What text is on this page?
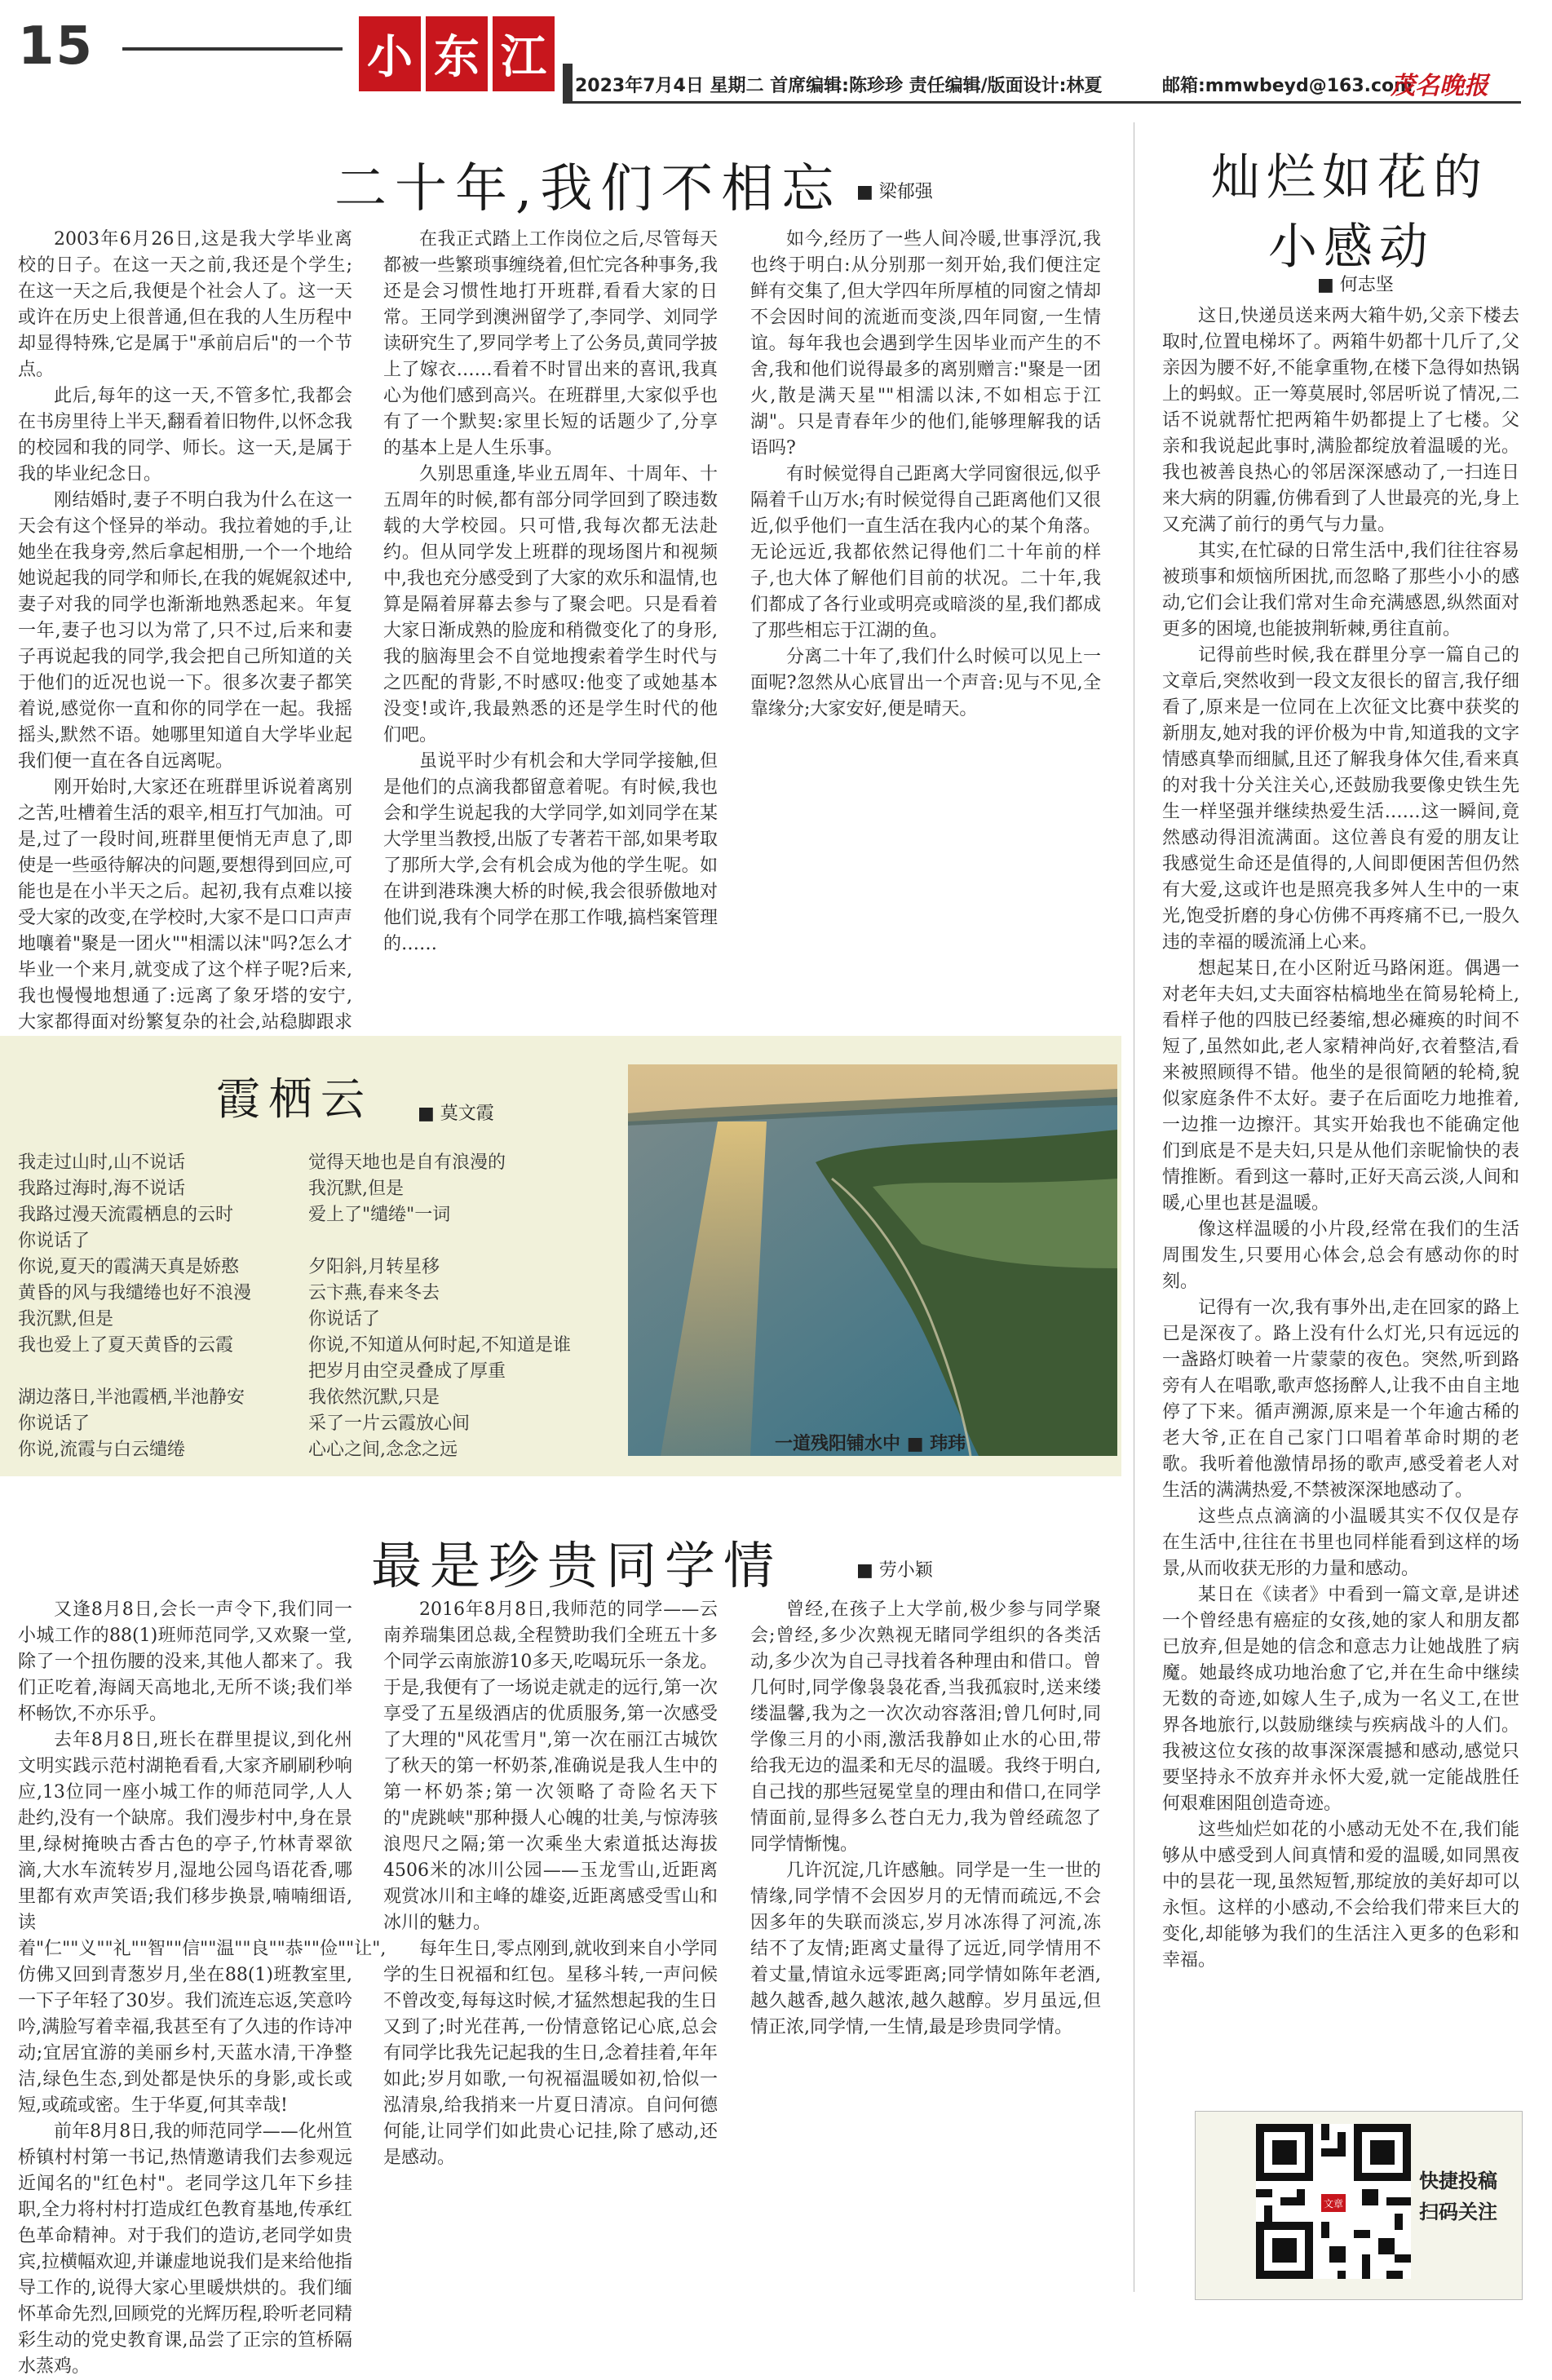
15	小 东 江
2023年7月4日 星期二 首席编辑:陈珍珍 责任编辑/版面设计:林夏	邮箱:mmwbeyd@163.com
茂名晚报
二十年,我们不相忘	■ 梁郁强

2003年6月26日,这是我大学毕业离校的日子。在这一天之前,我还是个学生;在这一天之后,我便是个社会人了。这一天或许在历史上很普通,但在我的人生历程中却显得特殊,它是属于"承前启后"的一个节点。

此后,每年的这一天,不管多忙,我都会在书房里待上半天,翻看着旧物件,以怀念我的校园和我的同学、师长。这一天,是属于我的毕业纪念日。

刚结婚时,妻子不明白我为什么在这一天会有这个怪异的举动。我拉着她的手,让她坐在我身旁,然后拿起相册,一个一个地给她说起我的同学和师长,在我的娓娓叙述中,妻子对我的同学也渐渐地熟悉起来。年复一年,妻子也习以为常了,只不过,后来和妻子再说起我的同学,我会把自己所知道的关于他们的近况也说一下。很多次妻子都笑着说,感觉你一直和你的同学在一起。我摇摇头,默然不语。她哪里知道自大学毕业起我们便一直在各自远离呢。

刚开始时,大家还在班群里诉说着离别之苦,吐槽着生活的艰辛,相互打气加油。可是,过了一段时间,班群里便悄无声息了,即使是一些亟待解决的问题,要想得到回应,可能也是在小半天之后。起初,我有点难以接受大家的改变,在学校时,大家不是口口声声地嚷着"聚是一团火""相濡以沫"吗?怎么才毕业一个来月,就变成了这个样子呢?后来,我也慢慢地想通了:远离了象牙塔的安宁,大家都得面对纷繁复杂的社会,站稳脚跟求

在我正式踏上工作岗位之后,尽管每天都被一些繁琐事缠绕着,但忙完各种事务,我还是会习惯性地打开班群,看看大家的日常。王同学到澳洲留学了,李同学、刘同学读研究生了,罗同学考上了公务员,黄同学披上了嫁衣……看着不时冒出来的喜讯,我真心为他们感到高兴。在班群里,大家似乎也有了一个默契:家里长短的话题少了,分享的基本上是人生乐事。

久别思重逢,毕业五周年、十周年、十五周年的时候,都有部分同学回到了睽违数载的大学校园。只可惜,我每次都无法赴约。但从同学发上班群的现场图片和视频中,我也充分感受到了大家的欢乐和温情,也算是隔着屏幕去参与了聚会吧。只是看着大家日渐成熟的脸庞和稍微变化了的身形,我的脑海里会不自觉地搜索着学生时代与之匹配的背影,不时感叹:他变了或她基本没变!或许,我最熟悉的还是学生时代的他们吧。

虽说平时少有机会和大学同学接触,但是他们的点滴我都留意着呢。有时候,我也会和学生说起我的大学同学,如刘同学在某大学里当教授,出版了专著若干部,如果考取了那所大学,会有机会成为他的学生呢。如在讲到港珠澳大桥的时候,我会很骄傲地对他们说,我有个同学在那工作哦,搞档案管理的……

如今,经历了一些人间冷暖,世事浮沉,我也终于明白:从分别那一刻开始,我们便注定鲜有交集了,但大学四年所厚植的同窗之情却不会因时间的流逝而变淡,四年同窗,一生情谊。每年我也会遇到学生因毕业而产生的不舍,我和他们说得最多的离别赠言:"聚是一团火,散是满天星""相濡以沫,不如相忘于江湖"。只是青春年少的他们,能够理解我的话语吗?

有时候觉得自己距离大学同窗很远,似乎隔着千山万水;有时候觉得自己距离他们又很近,似乎他们一直生活在我内心的某个角落。无论远近,我都依然记得他们二十年前的样子,也大体了解他们目前的状况。二十年,我们都成了各行业或明亮或暗淡的星,我们都成了那些相忘于江湖的鱼。

分离二十年了,我们什么时候可以见上一面呢?忽然从心底冒出一个声音:见与不见,全靠缘分;大家安好,便是晴天。

灿烂如花的
小感动
■ 何志坚

这日,快递员送来两大箱牛奶,父亲下楼去取时,位置电梯坏了。两箱牛奶都十几斤了,父亲因为腰不好,不能拿重物,在楼下急得如热锅上的蚂蚁。正一筹莫展时,邻居听说了情况,二话不说就帮忙把两箱牛奶都提上了七楼。父亲和我说起此事时,满脸都绽放着温暖的光。我也被善良热心的邻居深深感动了,一扫连日来大病的阴霾,仿佛看到了人世最亮的光,身上又充满了前行的勇气与力量。

其实,在忙碌的日常生活中,我们往往容易被琐事和烦恼所困扰,而忽略了那些小小的感动,它们会让我们常对生命充满感恩,纵然面对更多的困境,也能披荆斩棘,勇往直前。

记得前些时候,我在群里分享一篇自己的文章后,突然收到一段文友很长的留言,我仔细看了,原来是一位同在上次征文比赛中获奖的新朋友,她对我的评价极为中肯,知道我的文字情感真挚而细腻,且还了解我身体欠佳,看来真的对我十分关注关心,还鼓励我要像史铁生先生一样坚强并继续热爱生活……这一瞬间,竟然感动得泪流满面。这位善良有爱的朋友让我感觉生命还是值得的,人间即便困苦但仍然有大爱,这或许也是照亮我多舛人生中的一束光,饱受折磨的身心仿佛不再疼痛不已,一股久违的幸福的暖流涌上心来。

想起某日,在小区附近马路闲逛。偶遇一对老年夫妇,丈夫面容枯槁地坐在简易轮椅上,看样子他的四肢已经萎缩,想必瘫痪的时间不短了,虽然如此,老人家精神尚好,衣着整洁,看来被照顾得不错。他坐的是很简陋的轮椅,貌似家庭条件不太好。妻子在后面吃力地推着,一边推一边擦汗。其实开始我也不能确定他们到底是不是夫妇,只是从他们亲昵愉快的表情推断。看到这一幕时,正好天高云淡,人间和暖,心里也甚是温暖。

像这样温暖的小片段,经常在我们的生活周围发生,只要用心体会,总会有感动你的时刻。

记得有一次,我有事外出,走在回家的路上已是深夜了。路上没有什么灯光,只有远远的一盏路灯映着一片蒙蒙的夜色。突然,听到路旁有人在唱歌,歌声悠扬醉人,让我不由自主地停了下来。循声溯源,原来是一个年逾古稀的老大爷,正在自己家门口唱着革命时期的老歌。我听着他激情昂扬的歌声,感受着老人对生活的满满热爱,不禁被深深地感动了。

这些点点滴滴的小温暖其实不仅仅是存在生活中,往往在书里也同样能看到这样的场景,从而收获无形的力量和感动。

某日在《读者》中看到一篇文章,是讲述一个曾经患有癌症的女孩,她的家人和朋友都已放弃,但是她的信念和意志力让她战胜了病魔。她最终成功地治愈了它,并在生命中继续无数的奇迹,如嫁人生子,成为一名义工,在世界各地旅行,以鼓励继续与疾病战斗的人们。我被这位女孩的故事深深震撼和感动,感觉只要坚持永不放弃并永怀大爱,就一定能战胜任何艰难困阻创造奇迹。

这些灿烂如花的小感动无处不在,我们能够从中感受到人间真情和爱的温暖,如同黑夜中的昙花一现,虽然短暂,那绽放的美好却可以永恒。这样的小感动,不会给我们带来巨大的变化,却能够为我们的生活注入更多的色彩和幸福。

霞栖云	■ 莫文霞
我走过山时,山不说话
我路过海时,海不说话
我路过漫天流霞栖息的云时
你说话了
你说,夏天的霞满天真是娇憨
黄昏的风与我缱绻也好不浪漫
我沉默,但是
我也爱上了夏天黄昏的云霞

湖边落日,半池霞栖,半池静安
你说话了
你说,流霞与白云缱绻
觉得天地也是自有浪漫的
我沉默,但是
爱上了"缱绻"一词

夕阳斜,月转星移
云卞燕,春来冬去
你说话了
你说,不知道从何时起,不知道是谁
把岁月由空灵叠成了厚重
我依然沉默,只是
采了一片云霞放心间
心心之间,念念之远	一道残阳铺水中 ■ 玮玮
最是珍贵同学情	■ 劳小颖

又逢8月8日,会长一声令下,我们同一小城工作的88(1)班师范同学,又欢聚一堂,除了一个扭伤腰的没来,其他人都来了。我们正吃着,海阔天高地北,无所不谈;我们举杯畅饮,不亦乐乎。

去年8月8日,班长在群里提议,到化州文明实践示范村湖艳看看,大家齐刷刷秒响应,13位同一座小城工作的师范同学,人人赴约,没有一个缺席。我们漫步村中,身在景里,绿树掩映古香古色的亭子,竹林青翠欲滴,大水车流转岁月,湿地公园鸟语花香,哪里都有欢声笑语;我们移步换景,喃喃细语,读着"仁""义""礼""智""信""温""良""恭""俭""让",仿佛又回到青葱岁月,坐在88(1)班教室里,一下子年轻了30岁。我们流连忘返,笑意吟吟,满脸写着幸福,我甚至有了久违的作诗冲动;宜居宜游的美丽乡村,天蓝水清,干净整洁,绿色生态,到处都是快乐的身影,或长或短,或疏或密。生于华夏,何其幸哉!

前年8月8日,我的师范同学——化州笪桥镇村村第一书记,热情邀请我们去参观远近闻名的"红色村"。老同学这几年下乡挂职,全力将村村打造成红色教育基地,传承红色革命精神。对于我们的造访,老同学如贵宾,拉横幅欢迎,并谦虚地说我们是来给他指导工作的,说得大家心里暖烘烘的。我们缅怀革命先烈,回顾党的光辉历程,聆听老同精彩生动的党史教育课,品尝了正宗的笪桥隔水蒸鸡。

2016年8月8日,我师范的同学——云南养瑞集团总裁,全程赞助我们全班五十多个同学云南旅游10多天,吃喝玩乐一条龙。于是,我便有了一场说走就走的远行,第一次享受了五星级酒店的优质服务,第一次感受了大理的"风花雪月",第一次在丽江古城饮了秋天的第一杯奶茶,准确说是我人生中的第一杯奶茶;第一次领略了奇险名天下的"虎跳峡"那种摄人心魄的壮美,与惊涛骇浪咫尺之隔;第一次乘坐大索道抵达海拔4506米的冰川公园——玉龙雪山,近距离观赏冰川和主峰的雄姿,近距离感受雪山和冰川的魅力。

每年生日,零点刚到,就收到来自小学同学的生日祝福和红包。星移斗转,一声问候不曾改变,每每这时候,才猛然想起我的生日又到了;时光荏苒,一份情意铭记心底,总会有同学比我先记起我的生日,念着挂着,年年如此;岁月如歌,一句祝福温暖如初,恰似一泓清泉,给我捎来一片夏日清凉。自问何德何能,让同学们如此贵心记挂,除了感动,还是感动。

曾经,在孩子上大学前,极少参与同学聚会;曾经,多少次熟视无睹同学组织的各类活动,多少次为自己寻找着各种理由和借口。曾几何时,同学像袅袅花香,当我孤寂时,送来缕缕温馨,我为之一次次动容落泪;曾几何时,同学像三月的小雨,激活我静如止水的心田,带给我无边的温柔和无尽的温暖。我终于明白,自己找的那些冠冕堂皇的理由和借口,在同学情面前,显得多么苍白无力,我为曾经疏忽了同学情惭愧。

几许沉淀,几许感触。同学是一生一世的情缘,同学情不会因岁月的无情而疏远,不会因多年的失联而淡忘,岁月冰冻得了河流,冻结不了友情;距离丈量得了远近,同学情用不着丈量,情谊永远零距离;同学情如陈年老酒,越久越香,越久越浓,越久越醇。岁月虽远,但情正浓,同学情,一生情,最是珍贵同学情。

文章
快捷投稿
扫码关注
